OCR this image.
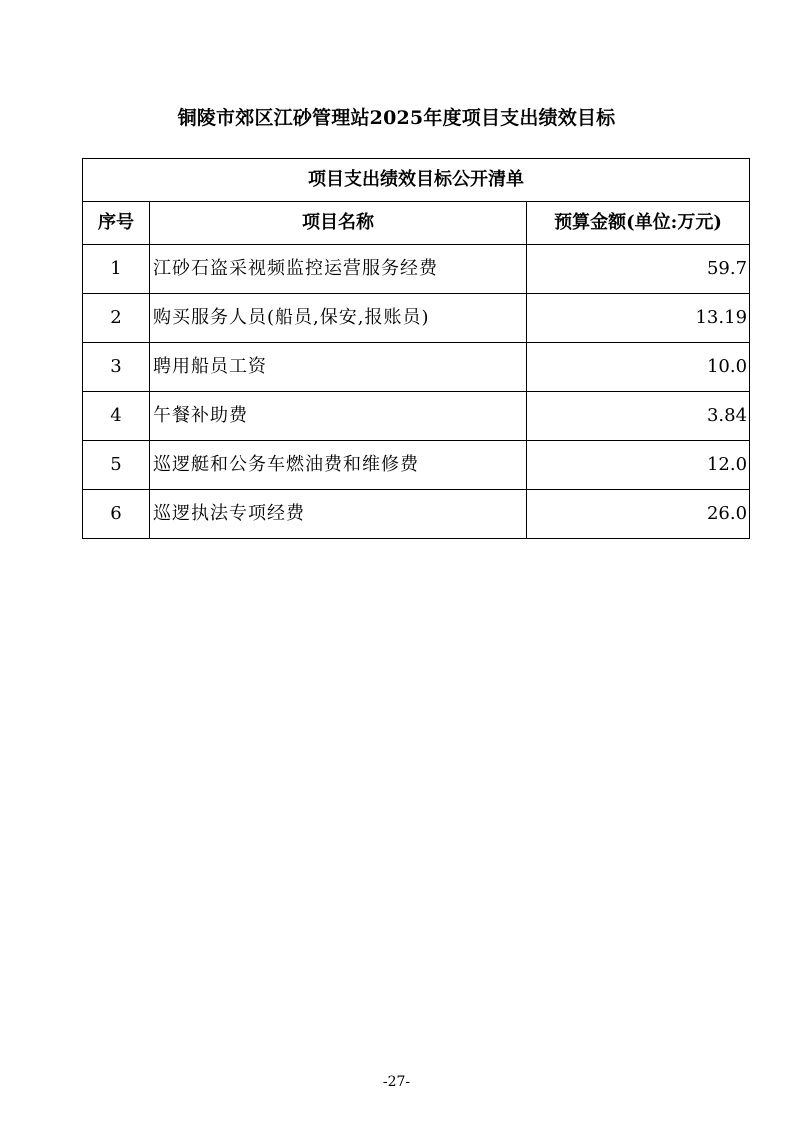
铜陵市郊区江砂管理站2025年度项目支出绩效目标
项目支出绩效目标公开清单		
序号	项目名称	预算金额(单位:万元)
1	江砂石盗采视频监控运营服务经费	59.7
2	购买服务人员(船员,保安,报账员)	13.19
3	聘用船员工资	10.0
4	午餐补助费	3.84
5	巡逻艇和公务车燃油费和维修费	12.0
6	巡逻执法专项经费	26.0
-27-
